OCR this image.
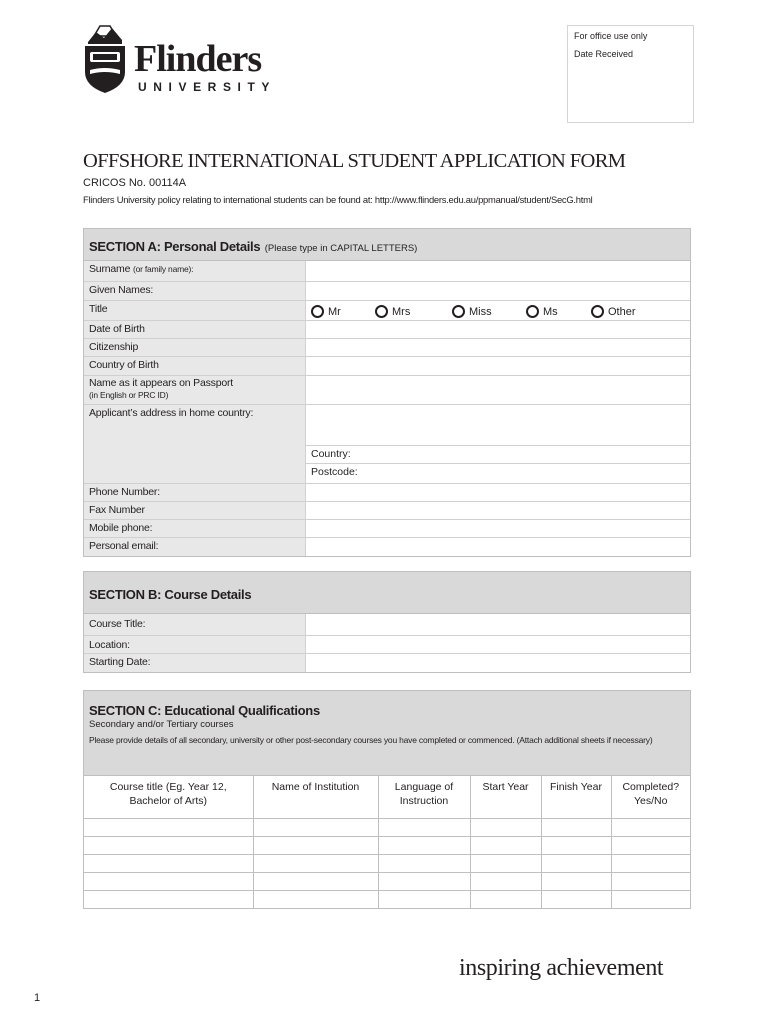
Flinders
UNIVERSITY
For office use only
Date Received
OFFSHORE INTERNATIONAL STUDENT APPLICATION FORM
CRICOS No. 00114A
Flinders University policy relating to international students can be found at: http://www.flinders.edu.au/ppmanual/student/SecG.html
SECTION A: Personal Details (Please type in CAPITAL LETTERS)
Surname (or family name):
Given Names:
Title	Mr	Mrs	Miss	Ms	Other
Date of Birth
Citizenship
Country of Birth
Name as it appears on Passport
(in English or PRC ID)
Applicant’s address in home country:
Country:
Postcode:
Phone Number:
Fax Number
Mobile phone:
Personal email:
SECTION B: Course Details
Course Title:
Location:
Starting Date:
SECTION C: Educational Qualifications
Secondary and/or Tertiary courses
Please provide details of all secondary, university or other post-secondary courses you have completed or commenced. (Attach additional sheets if necessary)
Course title (Eg. Year 12, Bachelor of Arts)	Name of Institution	Language of Instruction	Start Year	Finish Year	Completed? Yes/No

inspiring achievement
1
